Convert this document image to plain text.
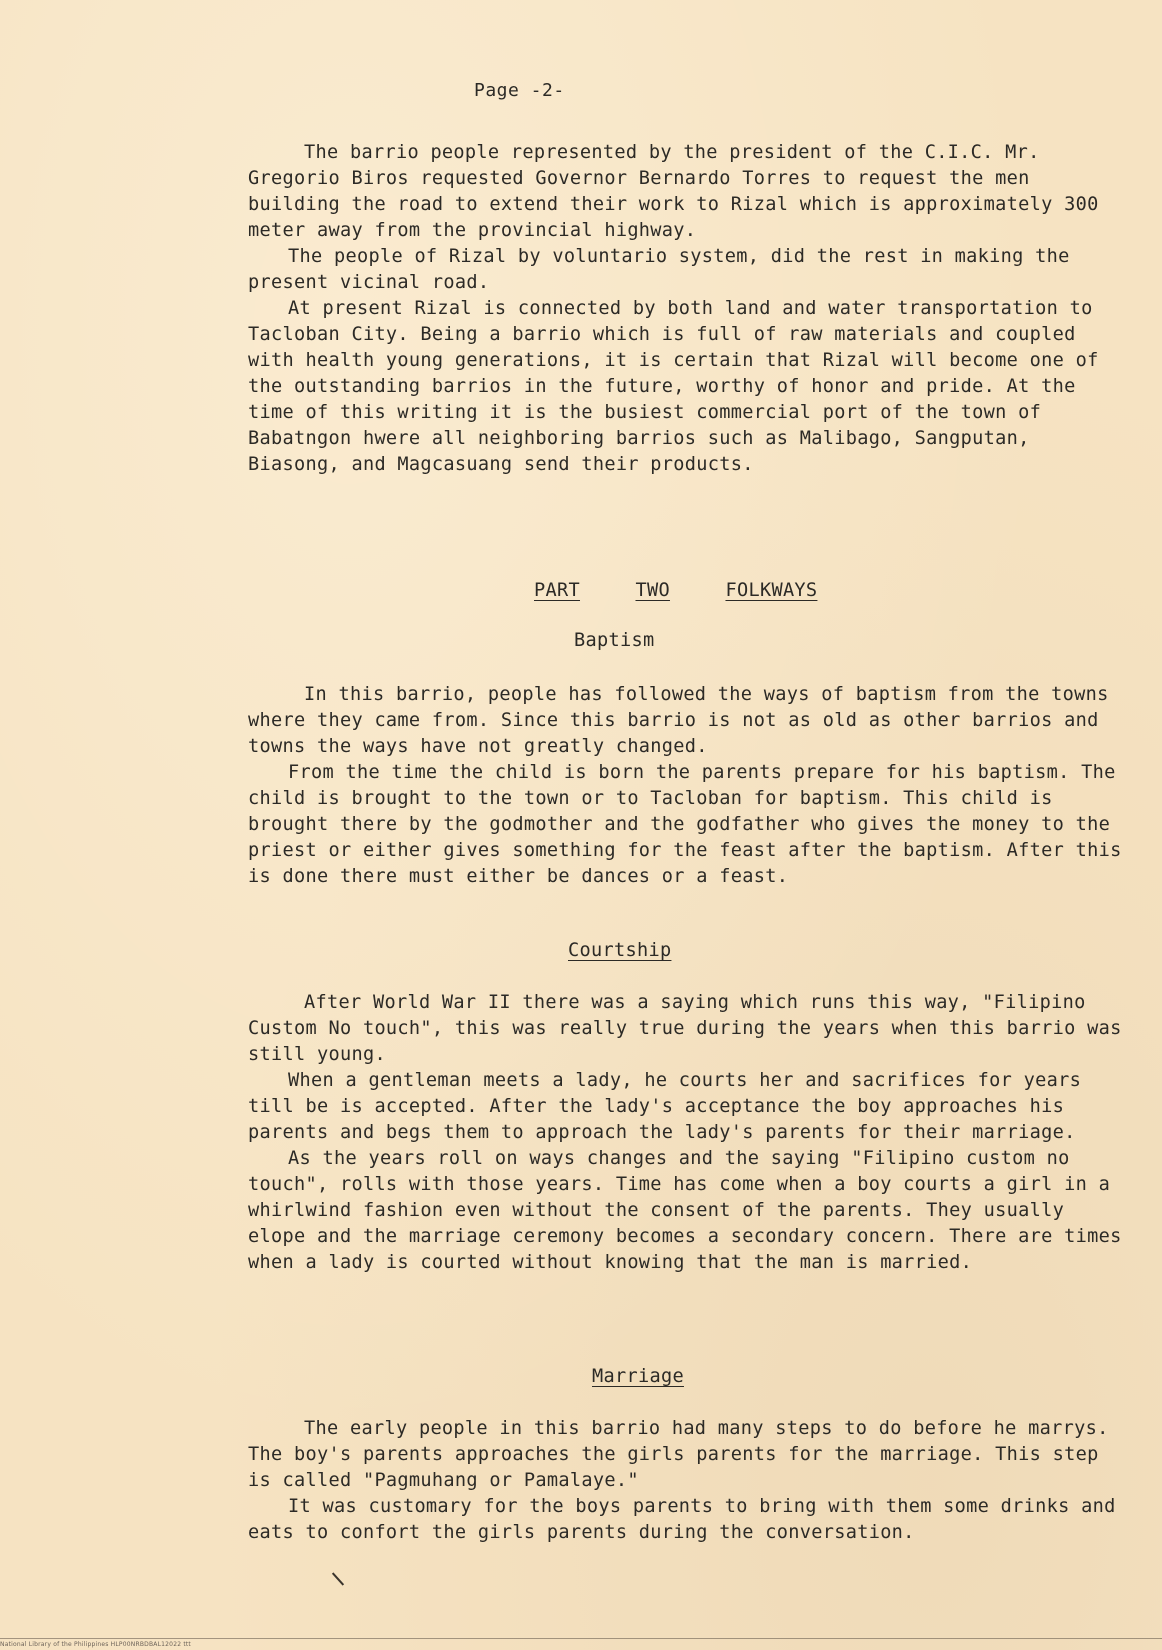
Page -2-

The barrio people represented by the president of the C.I.C. Mr. Gregorio Biros requested Governor Bernardo Torres to request the men building the road to extend their work to Rizal which is approximately 300 meter away from the provincial highway.

The people of Rizal by voluntario system, did the rest in making the present vicinal road.

At present Rizal is connected by both land and water transportation to Tacloban City. Being a barrio which is full of raw materials and coupled with health young generations, it is certain that Rizal will become one of the outstanding barrios in the future, worthy of honor and pride. At the time of this writing it is the busiest commercial port of the town of Babatngon hwere all neighboring barrios such as Malibago, Sangputan, Biasong, and Magcasuang send their products.

PART	TWO	FOLKWAYS
Baptism

In this barrio, people has followed the ways of baptism from the towns where they came from. Since this barrio is not as old as other barrios and towns the ways have not greatly changed.

From the time the child is born the parents prepare for his baptism. The child is brought to the town or to Tacloban for baptism. This child is brought there by the godmother and the godfather who gives the money to the priest or either gives something for the feast after the baptism. After this is done there must either be dances or a feast.

Courtship

After World War II there was a saying which runs this way, "Filipino Custom No touch", this was really true during the years when this barrio was still young.

When a gentleman meets a lady, he courts her and sacrifices for years till be is accepted. After the lady's acceptance the boy approaches his parents and begs them to approach the lady's parents for their marriage.

As the years roll on ways changes and the saying "Filipino custom no touch", rolls with those years. Time has come when a boy courts a girl in a whirlwind fashion even without the consent of the parents. They usually elope and the marriage ceremony becomes a secondary concern. There are times when a lady is courted without knowing that the man is married.

Marriage

The early people in this barrio had many steps to do before he marrys. The boy's parents approaches the girls parents for the marriage. This step is called "Pagmuhang or Pamalaye."

It was customary for the boys parents to bring with them some drinks and eats to confort the girls parents during the conversation.

National Library of the Philippines HLP00NRBDBAL12022 ttt
